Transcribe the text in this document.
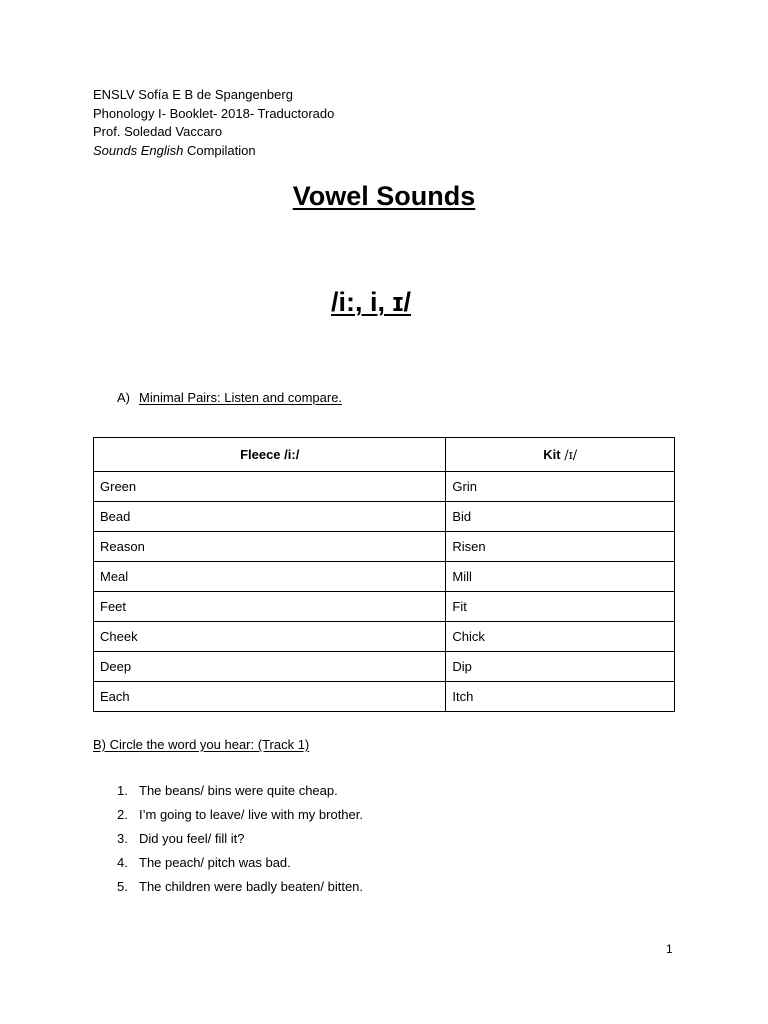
ENSLV Sofía E B de Spangenberg
Phonology I- Booklet- 2018- Traductorado
Prof. Soledad Vaccaro
Sounds English Compilation
Vowel Sounds
/i:, i, ɪ/
A) Minimal Pairs: Listen and compare.
Fleece /i:/	Kit /ɪ/
Green	Grin
Bead	Bid
Reason	Risen
Meal	Mill
Feet	Fit
Cheek	Chick
Deep	Dip
Each	Itch
B) Circle the word you hear: (Track 1)
1. The beans/ bins were quite cheap.
2. I’m going to leave/ live with my brother.
3. Did you feel/ fill it?
4. The peach/ pitch was bad.
5. The children were badly beaten/ bitten.
1
